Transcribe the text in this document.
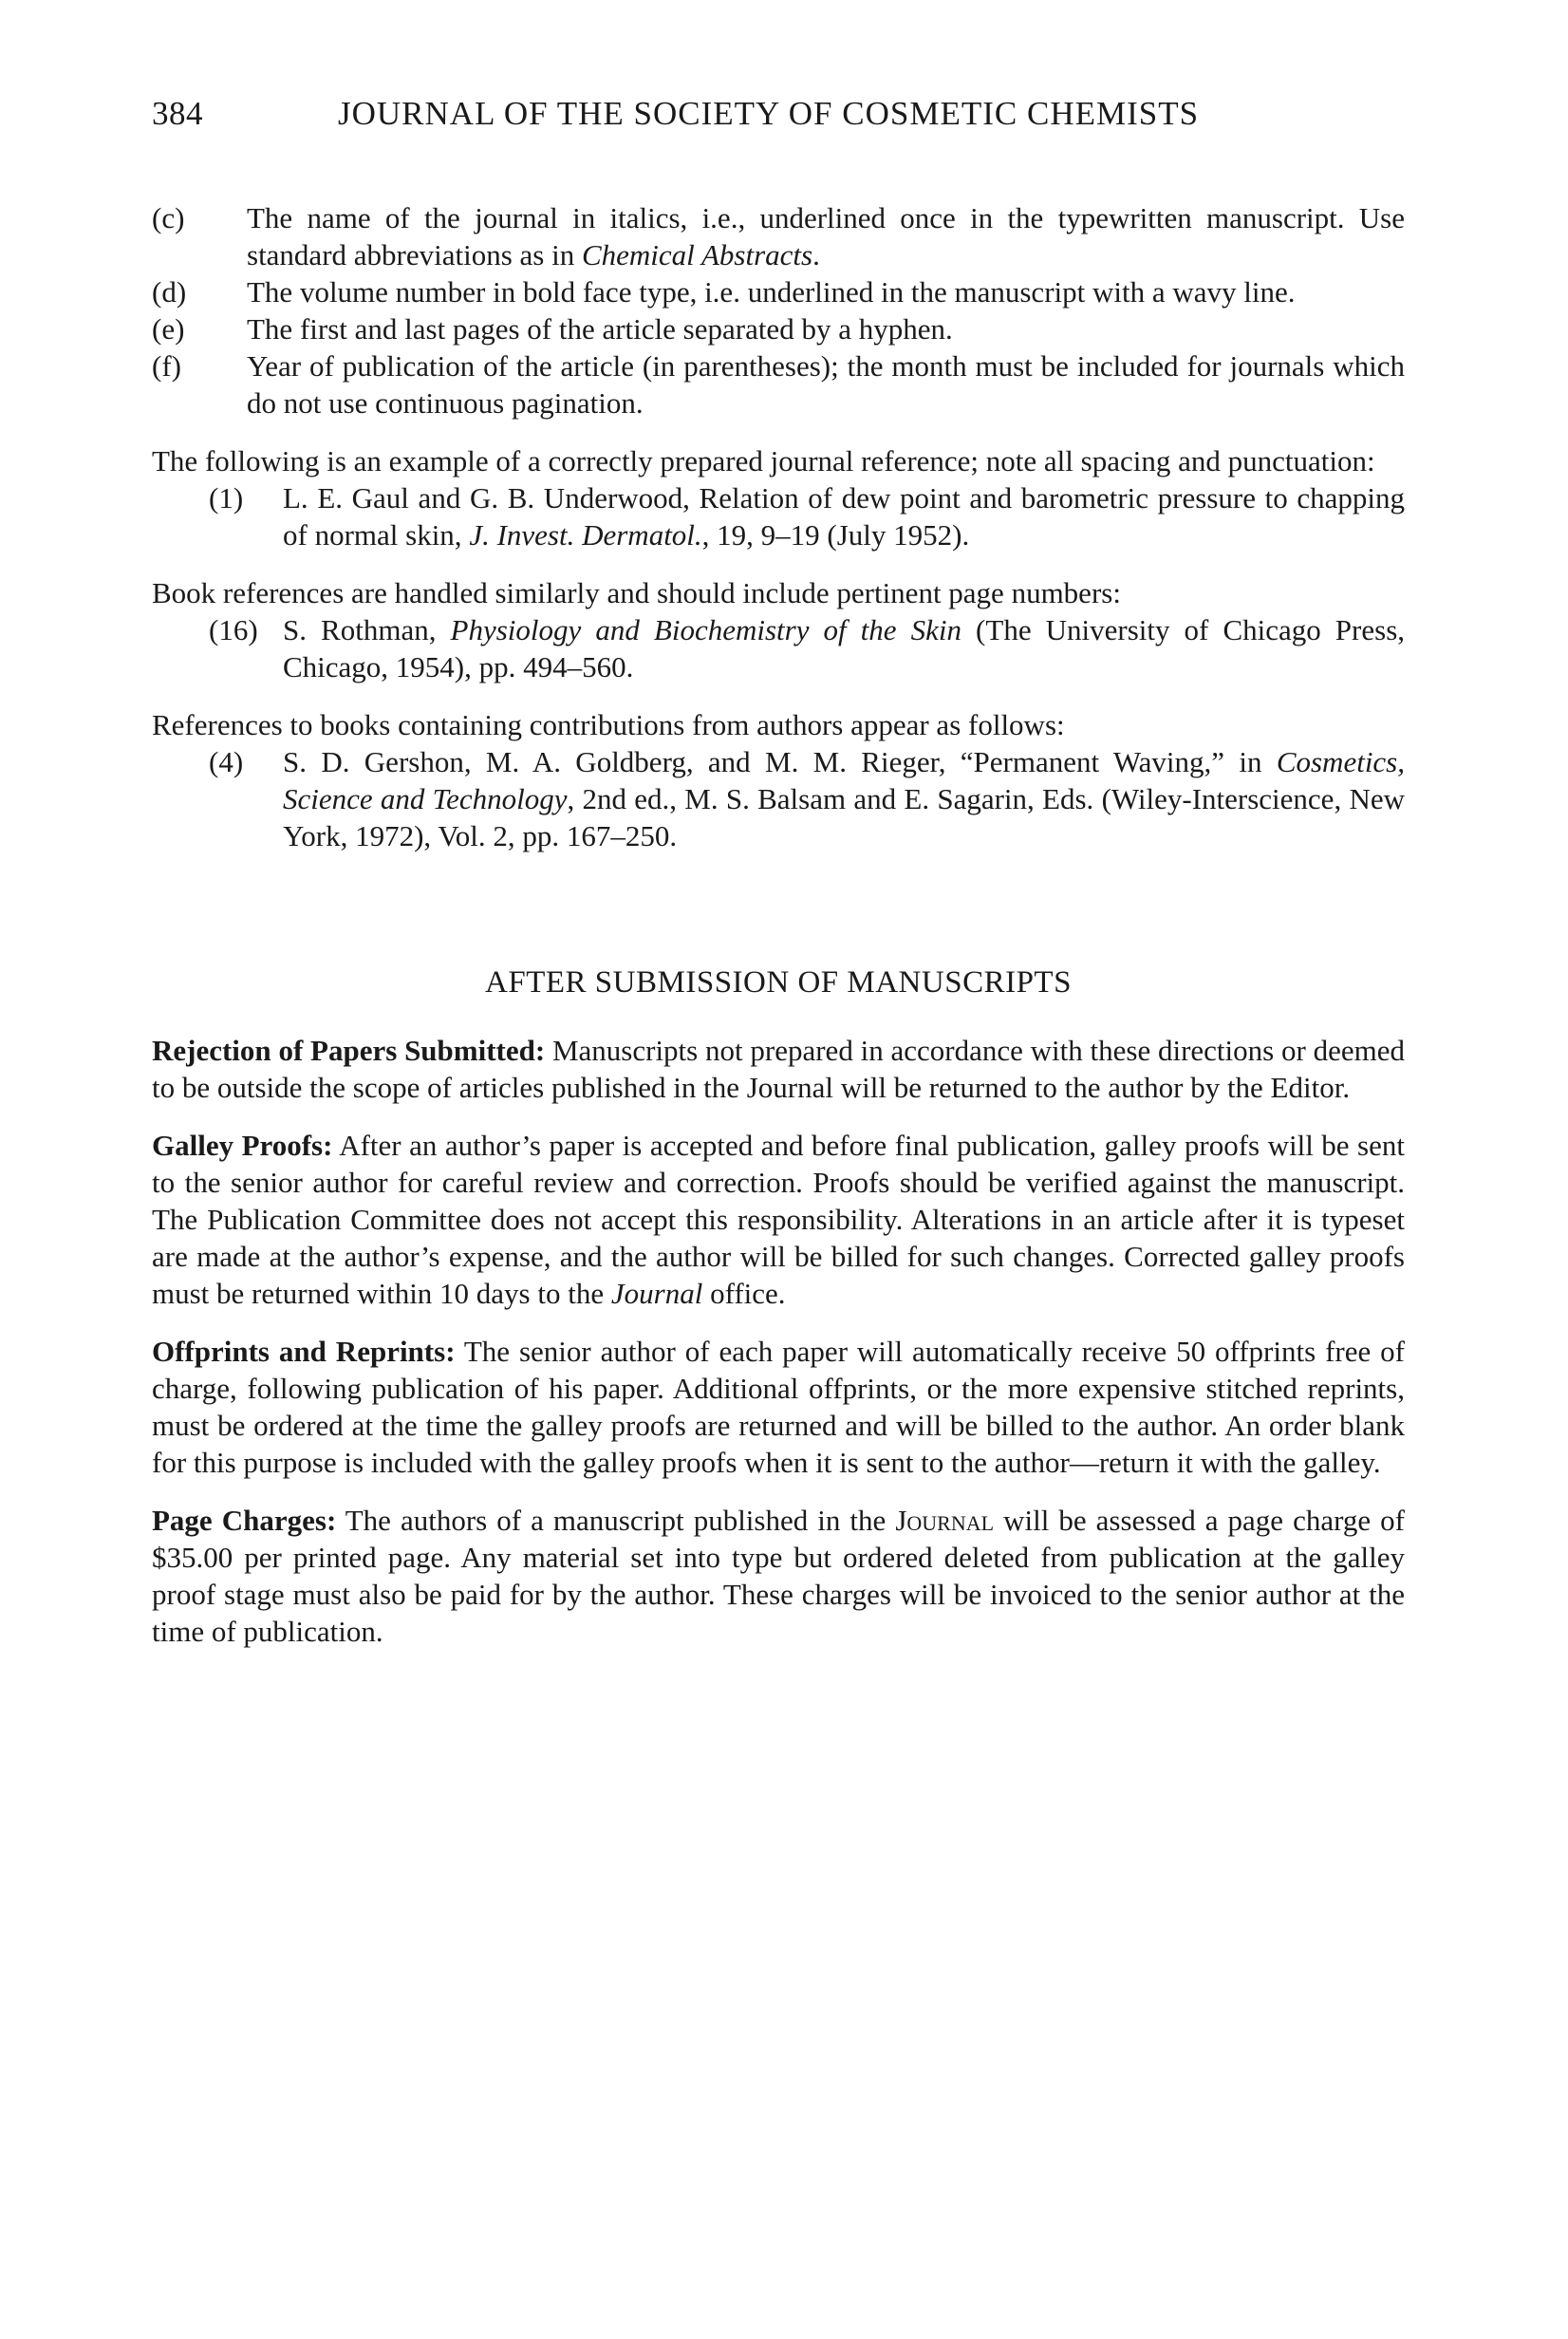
384	JOURNAL OF THE SOCIETY OF COSMETIC CHEMISTS

(c) The name of the journal in italics, i.e., underlined once in the typewritten manuscript. Use standard abbreviations as in Chemical Abstracts.

(d) The volume number in bold face type, i.e. underlined in the manuscript with a wavy line.

(e) The first and last pages of the article separated by a hyphen.

(f) Year of publication of the article (in parentheses); the month must be included for journals which do not use continuous pagination.

The following is an example of a correctly prepared journal reference; note all spacing and punctuation:

(1) L. E. Gaul and G. B. Underwood, Relation of dew point and barometric pressure to chapping of normal skin, J. Invest. Dermatol., 19, 9–19 (July 1952).

Book references are handled similarly and should include pertinent page numbers:

(16) S. Rothman, Physiology and Biochemistry of the Skin (The University of Chicago Press, Chicago, 1954), pp. 494–560.

References to books containing contributions from authors appear as follows:

(4) S. D. Gershon, M. A. Goldberg, and M. M. Rieger, “Permanent Waving,” in Cosmetics, Science and Technology, 2nd ed., M. S. Balsam and E. Sagarin, Eds. (Wiley-Interscience, New York, 1972), Vol. 2, pp. 167–250.

AFTER SUBMISSION OF MANUSCRIPTS

Rejection of Papers Submitted: Manuscripts not prepared in accordance with these directions or deemed to be outside the scope of articles published in the Journal will be returned to the author by the Editor.

Galley Proofs: After an author’s paper is accepted and before final publication, galley proofs will be sent to the senior author for careful review and correction. Proofs should be verified against the manuscript. The Publication Committee does not accept this responsibility. Alterations in an article after it is typeset are made at the author’s expense, and the author will be billed for such changes. Corrected galley proofs must be returned within 10 days to the Journal office.

Offprints and Reprints: The senior author of each paper will automatically receive 50 offprints free of charge, following publication of his paper. Additional offprints, or the more expensive stitched reprints, must be ordered at the time the galley proofs are returned and will be billed to the author. An order blank for this purpose is included with the galley proofs when it is sent to the author—return it with the galley.

Page Charges: The authors of a manuscript published in the Journal will be assessed a page charge of $35.00 per printed page. Any material set into type but ordered deleted from publication at the galley proof stage must also be paid for by the author. These charges will be invoiced to the senior author at the time of publication.
